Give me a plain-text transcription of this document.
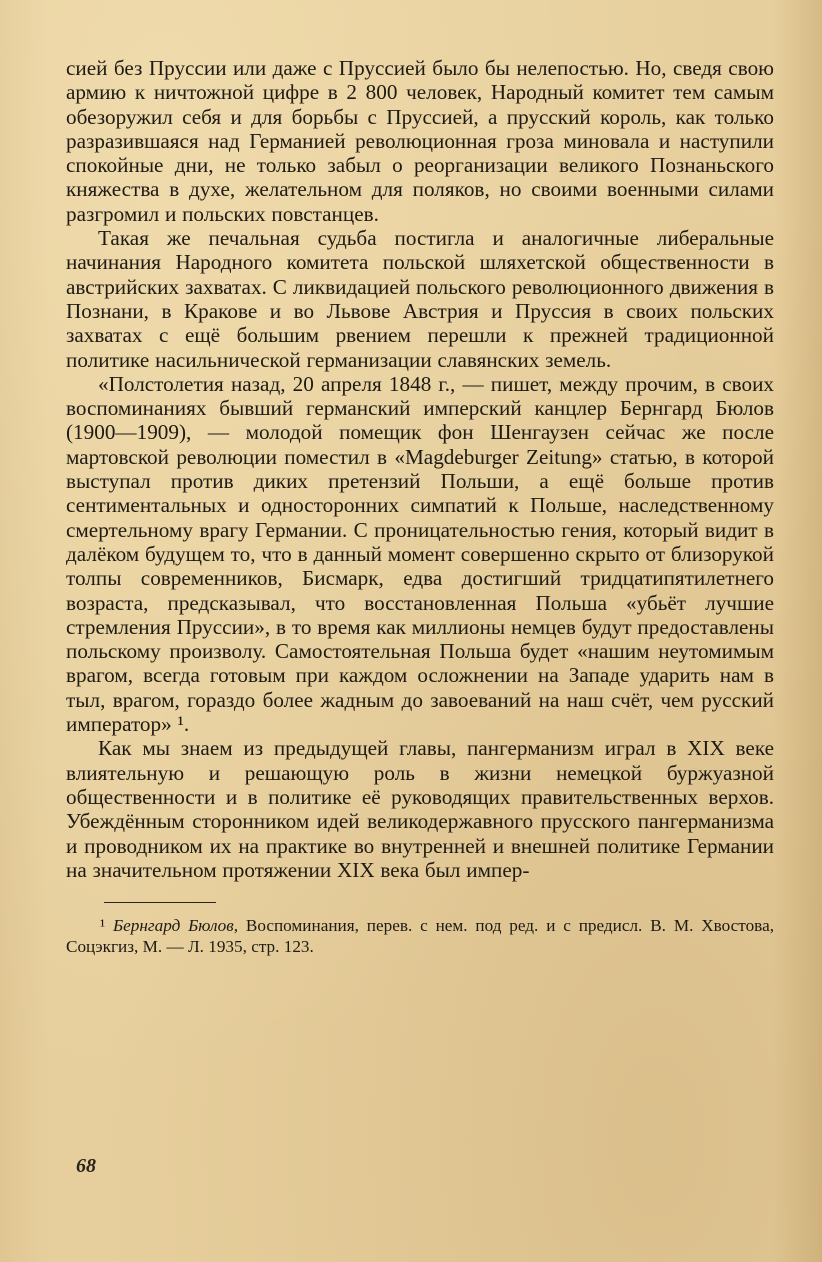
сией без Пруссии или даже с Пруссией было бы нелепостью. Но, сведя свою армию к ничтожной цифре в 2 800 человек, Народный комитет тем самым обезоружил себя и для борьбы с Пруссией, а прусский король, как только разразившаяся над Германией революционная гроза миновала и наступили спокойные дни, не только забыл о реорганизации великого Познаньского княжества в духе, желательном для поляков, но своими военными силами разгромил и польских повстанцев.

Такая же печальная судьба постигла и аналогичные либеральные начинания Народного комитета польской шляхетской общественности в австрийских захватах. С ликвидацией польского революционного движения в Познани, в Кракове и во Львове Австрия и Пруссия в своих польских захватах с ещё большим рвением перешли к прежней традиционной политике насильнической германизации славянских земель.

«Полстолетия назад, 20 апреля 1848 г., — пишет, между прочим, в своих воспоминаниях бывший германский имперский канцлер Бернгард Бюлов (1900—1909), — молодой помещик фон Шенгаузен сейчас же после мартовской революции поместил в «Magdeburger Zeitung» статью, в которой выступал против диких претензий Польши, а ещё больше против сентиментальных и односторонних симпатий к Польше, наследственному смертельному врагу Германии. С проницательностью гения, который видит в далёком будущем то, что в данный момент совершенно скрыто от близорукой толпы современников, Бисмарк, едва достигший тридцатипятилетнего возраста, предсказывал, что восстановленная Польша «убьёт лучшие стремления Пруссии», в то время как миллионы немцев будут предоставлены польскому произволу. Самостоятельная Польша будет «нашим неутомимым врагом, всегда готовым при каждом осложнении на Западе ударить нам в тыл, врагом, гораздо более жадным до завоеваний на наш счёт, чем русский император» ¹.

Как мы знаем из предыдущей главы, пангерманизм играл в XIX веке влиятельную и решающую роль в жизни немецкой буржуазной общественности и в политике её руководящих правительственных верхов. Убеждённым сторонником идей великодержавного прусского пангерманизма и проводником их на практике во внутренней и внешней политике Германии на значительном протяжении XIX века был импер-

¹ Бернгард Бюлов, Воспоминания, перев. с нем. под ред. и с предисл. В. М. Хвостова, Соцэкгиз, М. — Л. 1935, стр. 123.

68
